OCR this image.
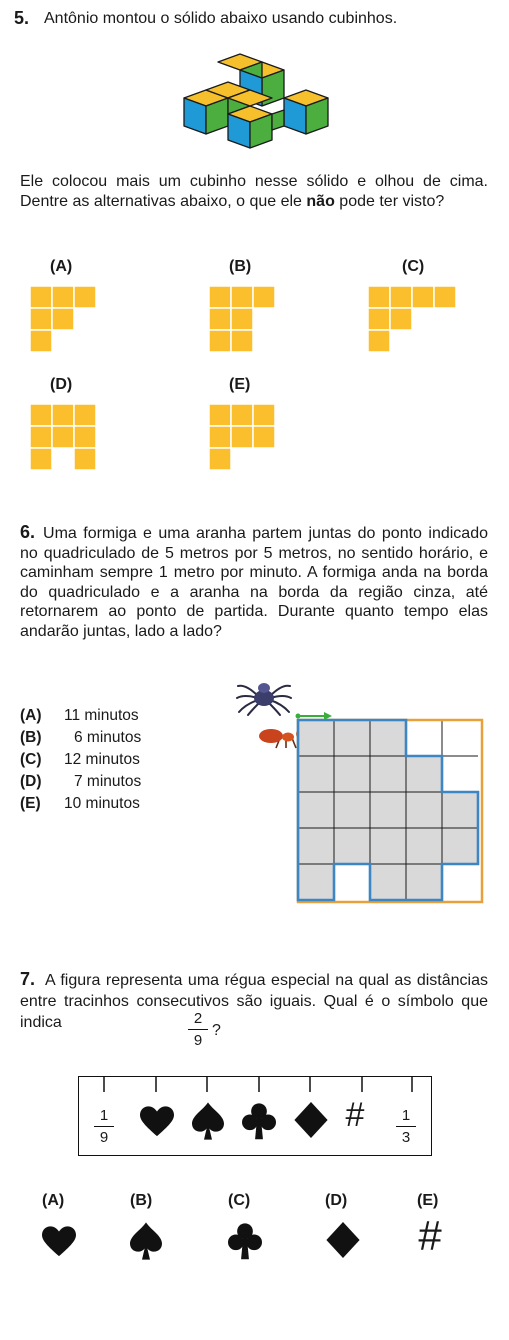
5. Antônio montou o sólido abaixo usando cubinhos.
Ele colocou mais um cubinho nesse sólido e olhou de cima. Dentre as alternativas abaixo, o que ele não pode ter visto?
(A)	(B)	(C)
(D)	(E)
6. Uma formiga e uma aranha partem juntas do ponto indicado no quadriculado de 5 metros por 5 metros, no sentido horário, e caminham sempre 1 metro por minuto. A formiga anda na borda do quadriculado e a aranha na borda da região cinza, até retornarem ao ponto de partida. Durante quanto tempo elas andarão juntas, lado a lado?
(A) 11 minutos
(B) 6 minutos
(C) 12 minutos
(D) 7 minutos
(E) 10 minutos
7. A figura representa uma régua especial na qual as distâncias entre tracinhos consecutivos são iguais. Qual é o símbolo que indica	2
9
?
1
9
#	1
3
(A)	(B)	(C)	(D)	(E)
#
